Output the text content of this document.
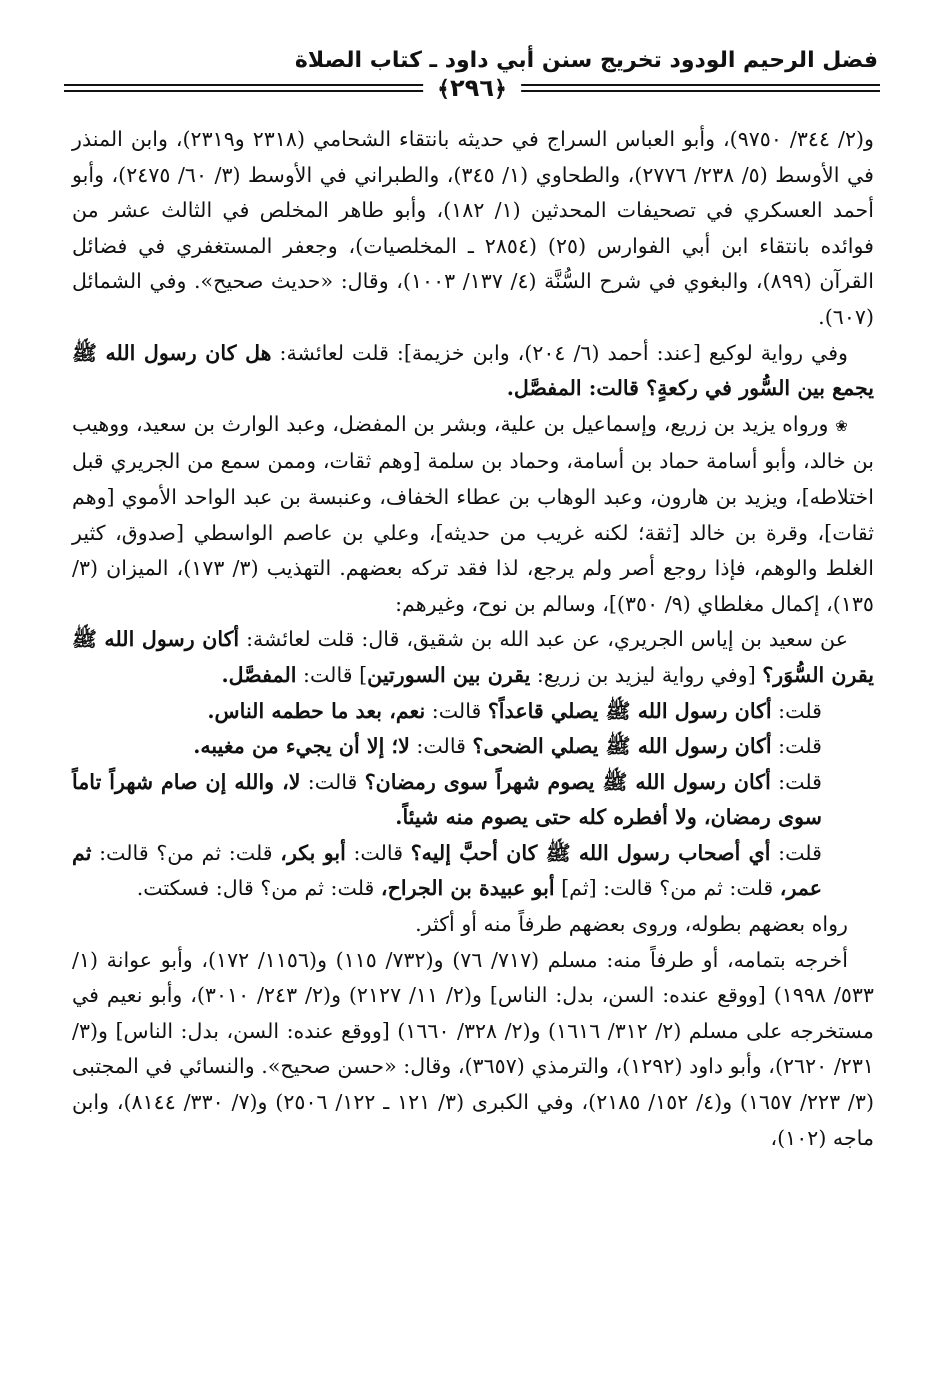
فضل الرحيم الودود تخريج سنن أبي داود ـ كتاب الصلاة
﴿٢٩٦﴾

و(٢/ ٣٤٤/ ٩٧٥٠)، وأبو العباس السراج في حديثه بانتقاء الشحامي (٢٣١٨ و٢٣١٩)، وابن المنذر في الأوسط (٥/ ٢٣٨/ ٢٧٧٦)، والطحاوي (١/ ٣٤٥)، والطبراني في الأوسط (٣/ ٦٠/ ٢٤٧٥)، وأبو أحمد العسكري في تصحيفات المحدثين (١/ ١٨٢)، وأبو طاهر المخلص في الثالث عشر من فوائده بانتقاء ابن أبي الفوارس (٢٥) (٢٨٥٤ ـ المخلصيات)، وجعفر المستغفري في فضائل القرآن (٨٩٩)، والبغوي في شرح السُّنَّة (٤/ ١٣٧/ ١٠٠٣)، وقال: «حديث صحيح». وفي الشمائل (٦٠٧).

وفي رواية لوكيع [عند: أحمد (٦/ ٢٠٤)، وابن خزيمة]: قلت لعائشة: هل كان رسول الله ﷺ يجمع بين السُّور في ركعةٍ؟ قالت: المفصَّل.

❀ ورواه يزيد بن زريع، وإسماعيل بن علية، وبشر بن المفضل، وعبد الوارث بن سعيد، ووهيب بن خالد، وأبو أسامة حماد بن أسامة، وحماد بن سلمة [وهم ثقات، وممن سمع من الجريري قبل اختلاطه]، ويزيد بن هارون، وعبد الوهاب بن عطاء الخفاف، وعنبسة بن عبد الواحد الأموي [وهم ثقات]، وقرة بن خالد [ثقة؛ لكنه غريب من حديثه]، وعلي بن عاصم الواسطي [صدوق، كثير الغلط والوهم، فإذا روجع أصر ولم يرجع، لذا فقد تركه بعضهم. التهذيب (٣/ ١٧٣)، الميزان (٣/ ١٣٥)، إكمال مغلطاي (٩/ ٣٥٠)]، وسالم بن نوح، وغيرهم:

عن سعيد بن إياس الجريري، عن عبد الله بن شقيق، قال: قلت لعائشة: أكان رسول الله ﷺ يقرن السُّوَر؟ [وفي رواية ليزيد بن زريع: يقرن بين السورتين] قالت: المفصَّل.

قلت: أكان رسول الله ﷺ يصلي قاعداً؟ قالت: نعم، بعد ما حطمه الناس.

قلت: أكان رسول الله ﷺ يصلي الضحى؟ قالت: لا؛ إلا أن يجيء من مغيبه.

قلت: أكان رسول الله ﷺ يصوم شهراً سوى رمضان؟ قالت: لا، والله إن صام شهراً تاماً سوى رمضان، ولا أفطره كله حتى يصوم منه شيئاً.

قلت: أي أصحاب رسول الله ﷺ كان أحبَّ إليه؟ قالت: أبو بكر، قلت: ثم من؟ قالت: ثم عمر، قلت: ثم من؟ قالت: [ثم] أبو عبيدة بن الجراح، قلت: ثم من؟ قال: فسكتت.

رواه بعضهم بطوله، وروى بعضهم طرفاً منه أو أكثر.

أخرجه بتمامه، أو طرفاً منه: مسلم (٧١٧/ ٧٦) و(٧٣٢/ ١١٥) و(١١٥٦/ ١٧٢)، وأبو عوانة (١/ ٥٣٣/ ١٩٩٨) [ووقع عنده: السن، بدل: الناس] و(٢/ ١١/ ٢١٢٧) و(٢/ ٢٤٣/ ٣٠١٠)، وأبو نعيم في مستخرجه على مسلم (٢/ ٣١٢/ ١٦١٦) و(٢/ ٣٢٨/ ١٦٦٠) [ووقع عنده: السن، بدل: الناس] و(٣/ ٢٣١/ ٢٦٢٠)، وأبو داود (١٢٩٢)، والترمذي (٣٦٥٧)، وقال: «حسن صحيح». والنسائي في المجتبى (٣/ ٢٢٣/ ١٦٥٧) و(٤/ ١٥٢/ ٢١٨٥)، وفي الكبرى (٣/ ١٢١ ـ ١٢٢/ ٢٥٠٦) و(٧/ ٣٣٠/ ٨١٤٤)، وابن ماجه (١٠٢)،
